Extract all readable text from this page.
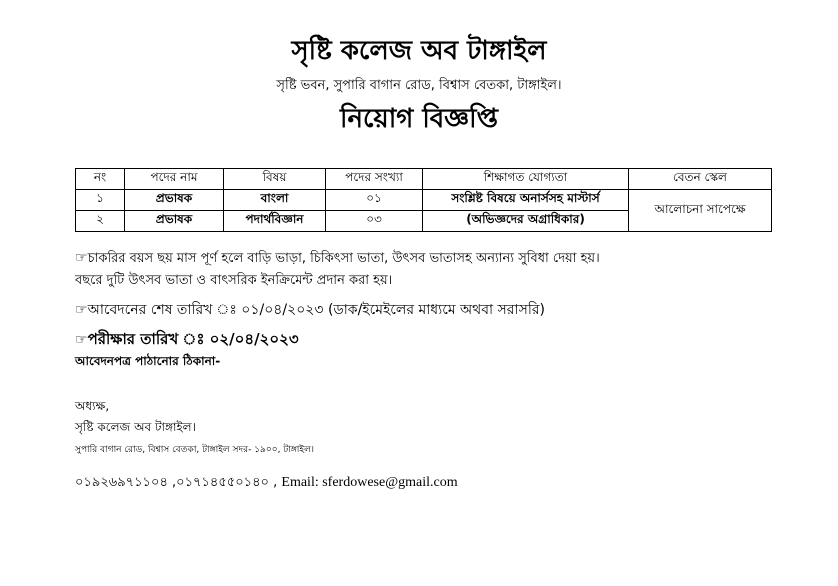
সৃষ্টি কলেজ অব টাঙ্গাইল
সৃষ্টি ভবন, সুপারি বাগান রোড, বিশ্বাস বেতকা, টাঙ্গাইল।
নিয়োগ বিজ্ঞপ্তি
নং	পদের নাম	বিষয়	পদের সংখ্যা	শিক্ষাগত যোগ্যতা	বেতন স্কেল
১	প্রভাষক	বাংলা	০১	সংশ্লিষ্ট বিষয়ে অনার্সসহ মাস্টার্স	আলোচনা সাপেক্ষে
২	প্রভাষক	পদার্থবিজ্ঞান	০৩	(অভিজ্ঞদের অগ্রাধিকার)	
☞চাকরির বয়স ছয় মাস পূর্ণ হলে বাড়ি ভাড়া, চিকিৎসা ভাতা, উৎসব ভাতাসহ অন্যান্য সুবিধা দেয়া হয়।
বছরে দুটি উৎসব ভাতা ও বাৎসরিক ইনক্রিমেন্ট প্রদান করা হয়।
☞আবেদনের শেষ তারিখ ঃ ০১/০৪/২০২৩ (ডাক/ইমেইলের মাধ্যমে অথবা সরাসরি)
☞পরীক্ষার তারিখ ঃ ০২/০৪/২০২৩
আবেদনপত্র পাঠানোর ঠিকানা-
অধ্যক্ষ,
সৃষ্টি কলেজ অব টাঙ্গাইল।
সুপারি বাগান রোড, বিশ্বাস বেতকা, টাঙ্গাইল সদর- ১৯০০, টাঙ্গাইল।
০১৯২৬৯৭১১০৪ ,০১৭১৪৫৫০১৪০ , Email: sferdowese@gmail.com
